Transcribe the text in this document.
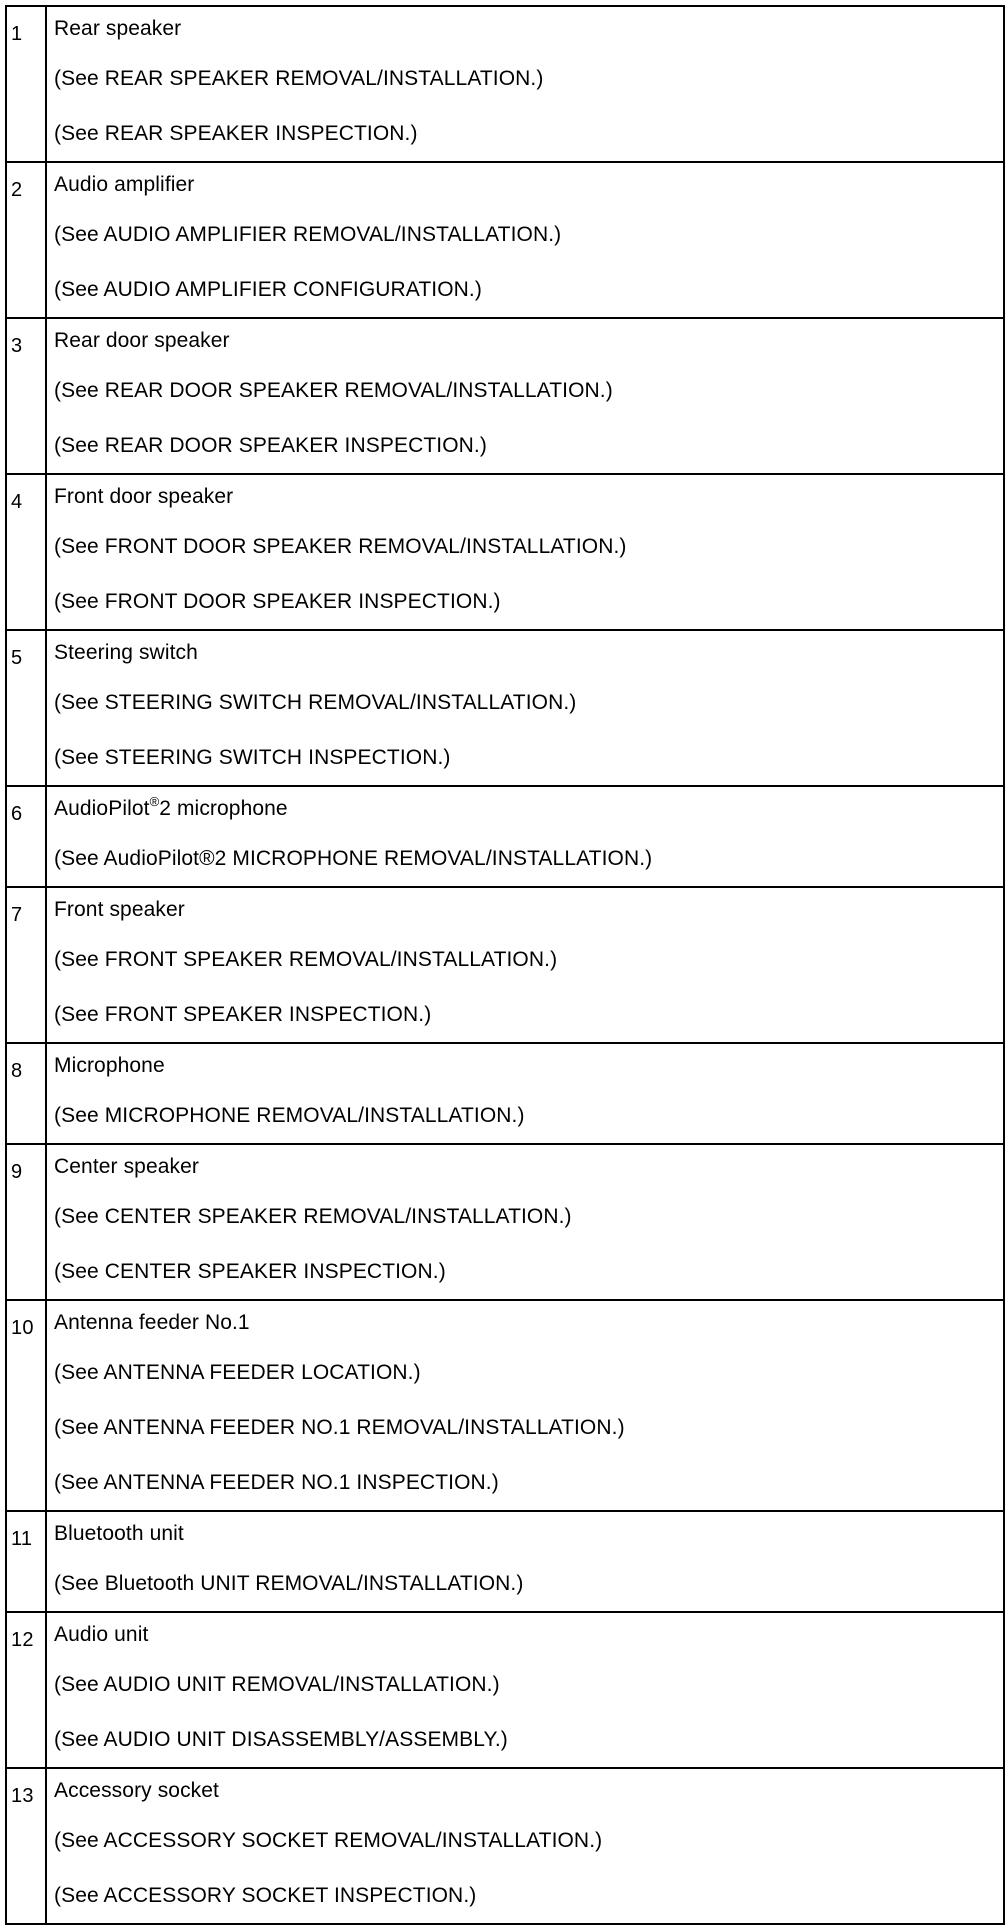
1	Rear speaker
(See REAR SPEAKER REMOVAL/INSTALLATION.)
(See REAR SPEAKER INSPECTION.)

2	Audio amplifier
(See AUDIO AMPLIFIER REMOVAL/INSTALLATION.)
(See AUDIO AMPLIFIER CONFIGURATION.)

3	Rear door speaker
(See REAR DOOR SPEAKER REMOVAL/INSTALLATION.)
(See REAR DOOR SPEAKER INSPECTION.)

4	Front door speaker
(See FRONT DOOR SPEAKER REMOVAL/INSTALLATION.)
(See FRONT DOOR SPEAKER INSPECTION.)

5	Steering switch
(See STEERING SWITCH REMOVAL/INSTALLATION.)
(See STEERING SWITCH INSPECTION.)

6	AudioPilot®2 microphone
(See AudioPilot®2 MICROPHONE REMOVAL/INSTALLATION.)

7	Front speaker
(See FRONT SPEAKER REMOVAL/INSTALLATION.)
(See FRONT SPEAKER INSPECTION.)

8	Microphone
(See MICROPHONE REMOVAL/INSTALLATION.)

9	Center speaker
(See CENTER SPEAKER REMOVAL/INSTALLATION.)
(See CENTER SPEAKER INSPECTION.)

10	Antenna feeder No.1
(See ANTENNA FEEDER LOCATION.)
(See ANTENNA FEEDER NO.1 REMOVAL/INSTALLATION.)
(See ANTENNA FEEDER NO.1 INSPECTION.)

11	Bluetooth unit
(See Bluetooth UNIT REMOVAL/INSTALLATION.)

12	Audio unit
(See AUDIO UNIT REMOVAL/INSTALLATION.)
(See AUDIO UNIT DISASSEMBLY/ASSEMBLY.)

13	Accessory socket
(See ACCESSORY SOCKET REMOVAL/INSTALLATION.)
(See ACCESSORY SOCKET INSPECTION.)
